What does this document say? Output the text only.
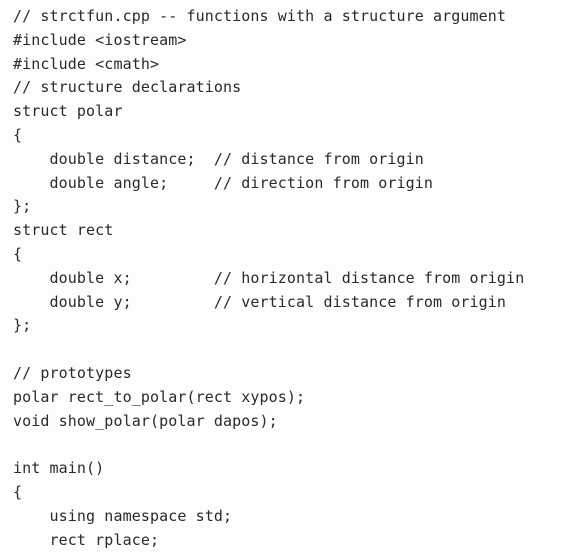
// strctfun.cpp -- functions with a structure argument
#include <iostream>
#include <cmath>
// structure declarations
struct polar
{
double distance;  // distance from origin
double angle;     // direction from origin
};
struct rect
{
double x;         // horizontal distance from origin
double y;         // vertical distance from origin
};
// prototypes
polar rect_to_polar(rect xypos);
void show_polar(polar dapos);
int main()
{
using namespace std;
rect rplace;
